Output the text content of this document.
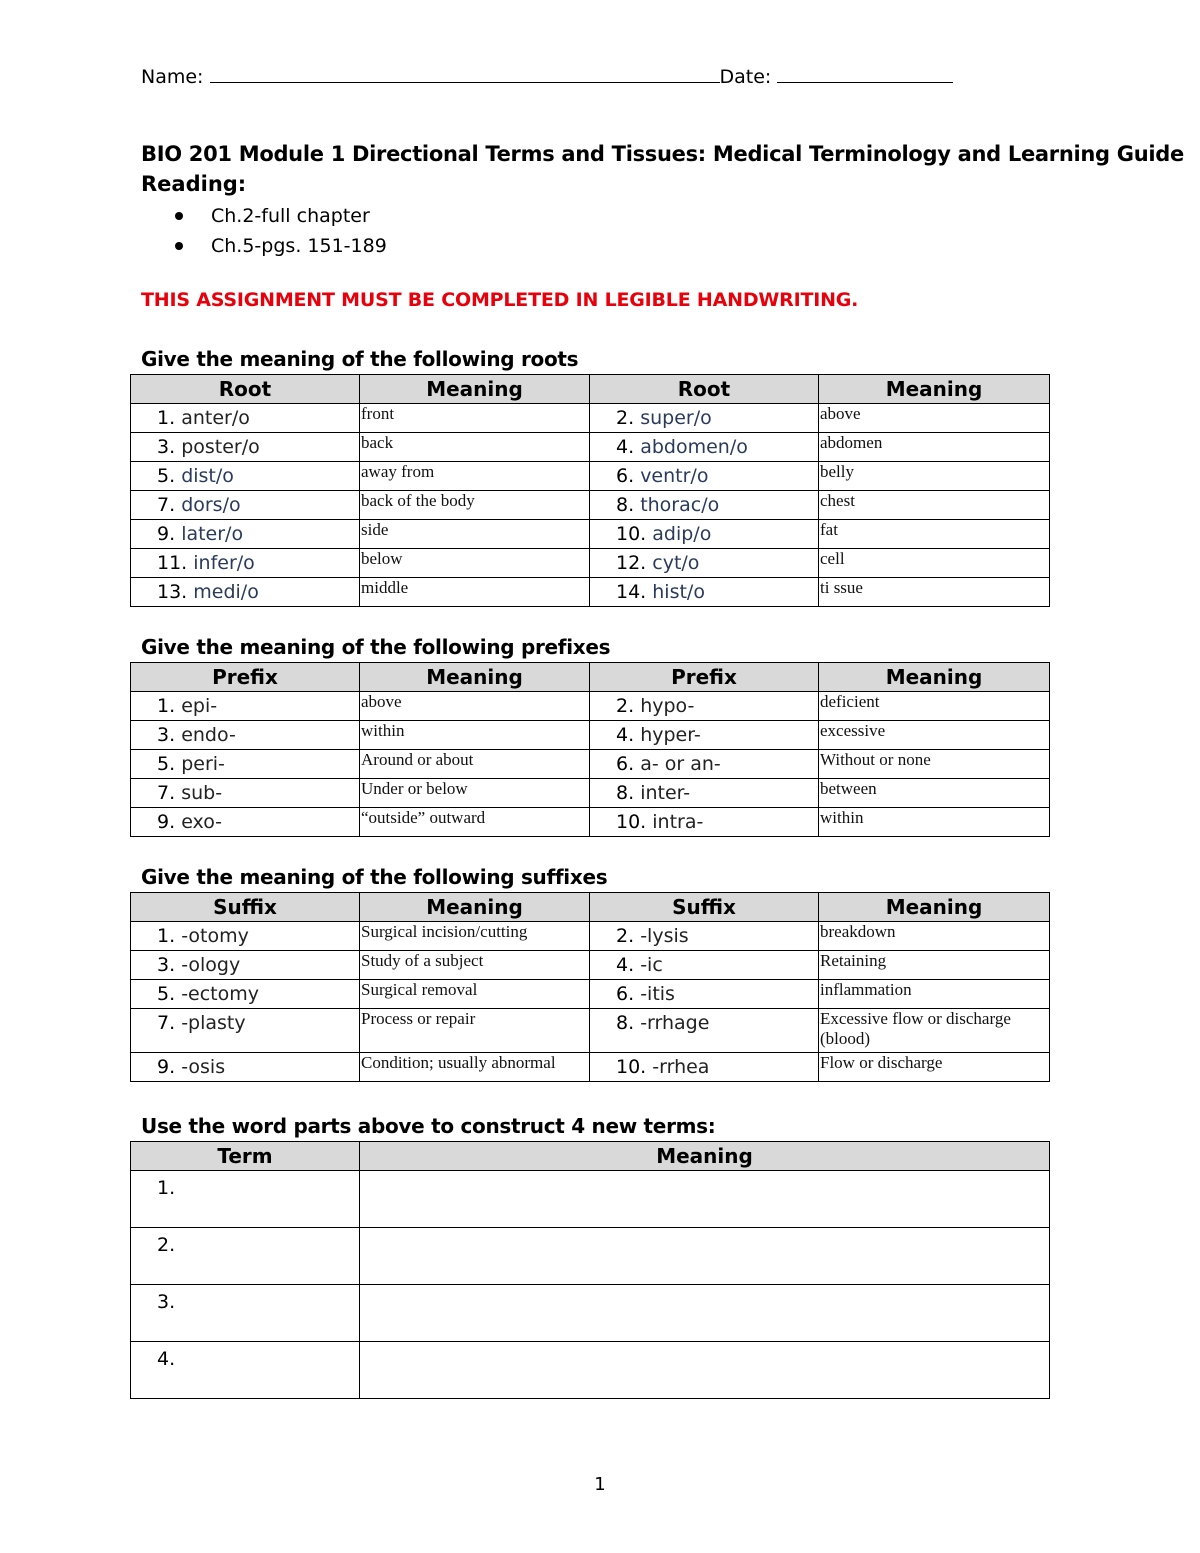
Name:	Date:
BIO 201 Module 1 Directional Terms and Tissues: Medical Terminology and Learning Guide
Reading:
Ch.2-full chapter
Ch.5-pgs. 151-189
THIS ASSIGNMENT MUST BE COMPLETED IN LEGIBLE HANDWRITING.
Give the meaning of the following roots
Root	Meaning	Root	Meaning
1. anter/o	front	2. super/o	above
3. poster/o	back	4. abdomen/o	abdomen
5. dist/o	away from	6. ventr/o	belly
7. dors/o	back of the body	8. thorac/o	chest
9. later/o	side	10. adip/o	fat
11. infer/o	below	12. cyt/o	cell
13. medi/o	middle	14. hist/o	ti ssue
Give the meaning of the following prefixes
Prefix	Meaning	Prefix	Meaning
1. epi-	above	2. hypo-	deficient
3. endo-	within	4. hyper-	excessive
5. peri-	Around or about	6. a- or an-	Without or none
7. sub-	Under or below	8. inter-	between
9. exo-	“outside” outward	10. intra-	within
Give the meaning of the following suffixes
Suffix	Meaning	Suffix	Meaning
1. -otomy	Surgical incision/cutting	2. -lysis	breakdown
3. -ology	Study of a subject	4. -ic	Retaining
5. -ectomy	Surgical removal	6. -itis	inflammation
7. -plasty	Process or repair	8. -rrhage	Excessive flow or discharge (blood)
9. -osis	Condition; usually abnormal	10. -rrhea	Flow or discharge
Use the word parts above to construct 4 new terms:
Term	Meaning
1.	
2.	
3.	
4.	
1
